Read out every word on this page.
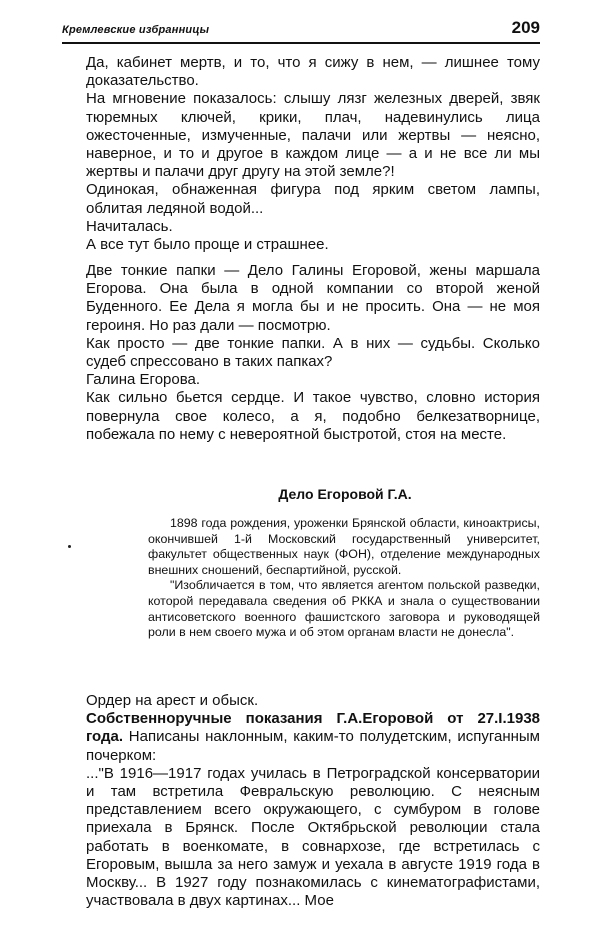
Кремлевские избранницы	209

Да, кабинет мертв, и то, что я сижу в нем, — лишнее тому доказательство.

На мгновение показалось: слышу лязг железных дверей, звяк тюремных ключей, крики, плач, надевинулись лица ожесточенные, измученные, палачи или жертвы — неясно, наверное, и то и другое в каждом лице — а и не все ли мы жертвы и палачи друг другу на этой земле?!

Одинокая, обнаженная фигура под ярким светом лампы, облитая ледяной водой...

Начиталась.

А все тут было проще и страшнее.

Две тонкие папки — Дело Галины Егоровой, жены маршала Егорова. Она была в одной компании со второй женой Буденного. Ее Дела я могла бы и не просить. Она — не моя героиня. Но раз дали — посмотрю.

Как просто — две тонкие папки. А в них — судьбы. Сколько судеб спрессовано в таких папках?

Галина Егорова.

Как сильно бьется сердце. И такое чувство, словно история повернула свое колесо, а я, подобно белкезатворнице, побежала по нему с невероятной быстротой, стоя на месте.

Дело Егоровой Г.А.

1898 года рождения, уроженки Брянской области, киноактрисы, окончившей 1-й Московский государственный университет, факультет общественных наук (ФОН), отделение международных внешних сношений, беспартийной, русской.

"Изобличается в том, что является агентом польской разведки, которой передавала сведения об РККА и знала о существовании антисоветского военного фашистского заговора и руководящей роли в нем своего мужа и об этом органам власти не донесла".

Ордер на арест и обыск.

Собственноручные показания Г.А.Егоровой от 27.I.1938 года. Написаны наклонным, каким-то полудетским, испуганным почерком:

..."В 1916—1917 годах училась в Петроградской консерватории и там встретила Февральскую революцию. С неясным представлением всего окружающего, с сумбуром в голове приехала в Брянск. После Октябрьской революции стала работать в военкомате, в совнархозе, где встретилась с Егоровым, вышла за него замуж и уехала в августе 1919 года в Москву... В 1927 году познакомилась с кинематографистами, участвовала в двух картинах... Мое
